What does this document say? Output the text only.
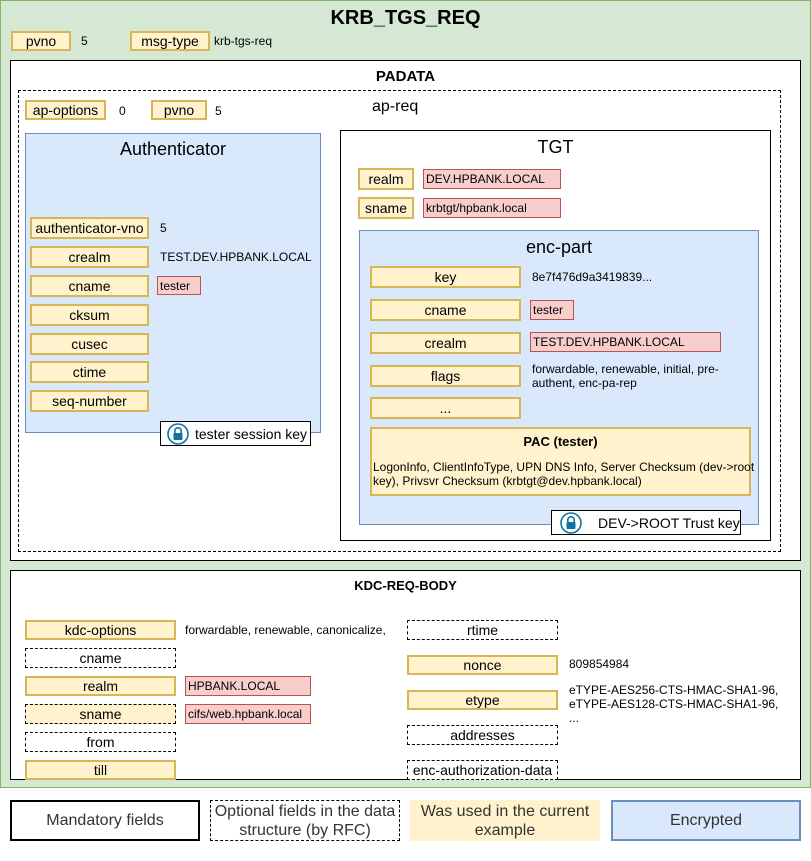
KRB_TGS_REQ
pvno	5	msg-type	krb-tgs-req
PADATA
ap-req
ap-options	0	pvno	5
Authenticator
authenticator-vno	5
crealm	TEST.DEV.HPBANK.LOCAL
cname	tester
cksum
cusec
ctime
seq-number
tester session key
TGT
realm	DEV.HPBANK.LOCAL
sname	krbtgt/hpbank.local
enc-part
key	8e7f476d9a3419839...
cname	tester
crealm	TEST.DEV.HPBANK.LOCAL
flags	forwardable, renewable, initial, pre-
authent, enc-pa-rep
...
PAC (tester)
LogonInfo, ClientInfoType, UPN DNS Info, Server Checksum (dev->root
key), Privsvr Checksum (krbtgt@dev.hpbank.local)
DEV->ROOT Trust key
KDC-REQ-BODY
kdc-options	forwardable, renewable, canonicalize,
cname
realm	HPBANK.LOCAL
sname	cifs/web.hpbank.local
from
till
rtime
nonce	809854984
etype
eTYPE-AES256-CTS-HMAC-SHA1-96,
eTYPE-AES128-CTS-HMAC-SHA1-96,
...
addresses
enc-authorization-data
Mandatory fields
Optional fields in the data
structure (by RFC)
Was used in the current
example
Encrypted
